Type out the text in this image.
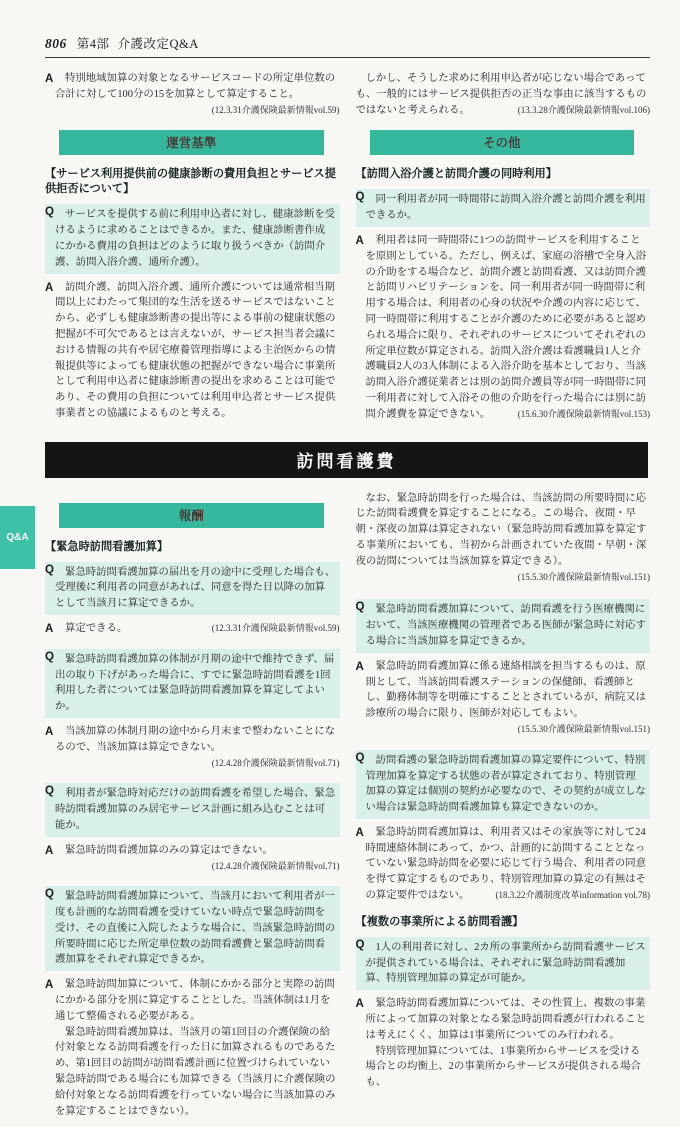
806 第4部 介護改定Q&A
A	特別地域加算の対象となるサービスコードの所定単位数の合計に対して100分の15を加算として算定すること。
(12.3.31介護保険最新情報vol.59)
運営基準
【サービス利用提供前の健康診断の費用負担とサービス提供拒否について】
Q	サービスを提供する前に利用申込者に対し、健康診断を受けるように求めることはできるか。また、健康診断書作成にかかる費用の負担はどのように取り扱うべきか（訪問介護、訪問入浴介護、通所介護）。
A	訪問介護、訪問入浴介護、通所介護については通常相当期間以上にわたって集団的な生活を送るサービスではないことから、必ずしも健康診断書の提出等による事前の健康状態の把握が不可欠であるとは言えないが、サービス担当者会議における情報の共有や居宅療養管理指導による主治医からの情報提供等によっても健康状態の把握ができない場合に事業所として利用申込者に健康診断書の提出を求めることは可能であり、その費用の負担については利用申込者とサービス提供事業者との協議によるものと考える。
しかし、そうした求めに利用申込者が応じない場合であっても、一般的にはサービス提供拒否の正当な事由に該当するものではないと考えられる。	(13.3.28介護保険最新情報vol.106)
その他
【訪問入浴介護と訪問介護の同時利用】
Q	同一利用者が同一時間帯に訪問入浴介護と訪問介護を利用できるか。
A	利用者は同一時間帯に1つの訪問サービスを利用することを原則としている。ただし、例えば、家庭の浴槽で全身入浴の介助をする場合など、訪問介護と訪問看護、又は訪問介護と訪問リハビリテーションを、同一利用者が同一時間帯に利用する場合は、利用者の心身の状況や介護の内容に応じて、同一時間帯に利用することが介護のために必要があると認められる場合に限り、それぞれのサービスについてそれぞれの所定単位数が算定される。訪問入浴介護は看護職員1人と介護職員2人の3人体制による入浴介助を基本としており、当該訪問入浴介護従業者とは別の訪問介護員等が同一時間帯に同一利用者に対して入浴その他の介助を行った場合には別に訪問介護費を算定できない。	(15.6.30介護保険最新情報vol.153)
訪問看護費
報酬
【緊急時訪問看護加算】
Q	緊急時訪問看護加算の届出を月の途中に受理した場合も、受理後に利用者の同意があれば、同意を得た日以降の加算として当該月に算定できるか。
A	算定できる。	(12.3.31介護保険最新情報vol.59)
Q	緊急時訪問看護加算の体制が月期の途中で維持できず、届出の取り下げがあった場合に、すでに緊急時訪問看護を1回利用した者については緊急時訪問看護加算を算定してよいか。
A	当該加算の体制月期の途中から月末まで整わないことになるので、当該加算は算定できない。
(12.4.28介護保険最新情報vol.71)
Q	利用者が緊急時対応だけの訪問看護を希望した場合、緊急時訪問看護加算のみ居宅サービス計画に組み込むことは可能か。
A	緊急時訪問看護加算のみの算定はできない。
(12.4.28介護保険最新情報vol.71)
Q	緊急時訪問看護加算について、当該月において利用者が一度も計画的な訪問看護を受けていない時点で緊急時訪問を受け、その直後に入院したような場合に、当該緊急時訪問の所要時間に応じた所定単位数の訪問看護費と緊急時訪問看護加算をそれぞれ算定できるか。
A	緊急時訪問加算について、体制にかかる部分と実際の訪問にかかる部分を別に算定することとした。当該体制は1月を通じて整備される必要がある。

緊急時訪問看護加算は、当該月の第1回目の介護保険の給付対象となる訪問看護を行った日に加算されるものであるため、第1回目の訪問が訪問看護計画に位置づけられていない緊急時訪問である場合にも加算できる（当該月に介護保険の給付対象となる訪問看護を行っていない場合に当該加算のみを算定することはできない）。

なお、緊急時訪問を行った場合は、当該訪問の所要時間に応じた訪問看護費を算定することになる。この場合、夜間・早朝・深夜の加算は算定されない（緊急時訪問看護加算を算定する事業所においても、当初から計画されていた夜間・早朝・深夜の訪問については当該加算を算定できる）。
(15.5.30介護保険最新情報vol.151)
Q	緊急時訪問看護加算について、訪問看護を行う医療機関において、当該医療機関の管理者である医師が緊急時に対応する場合に当該加算を算定できるか。
A	緊急時訪問看護加算に係る連絡相談を担当するものは、原則として、当該訪問看護ステーションの保健師、看護師とし、勤務体制等を明確にすることとされているが、病院又は診療所の場合に限り、医師が対応してもよい。
(15.5.30介護保険最新情報vol.151)
Q	訪問看護の緊急時訪問看護加算の算定要件について、特別管理加算を算定する状態の者が算定されており、特別管理加算の算定は個別の契約が必要なので、その契約が成立しない場合は緊急時訪問看護加算も算定できないのか。
A	緊急時訪問看護加算は、利用者又はその家族等に対して24時間連絡体制にあって、かつ、計画的に訪問することとなっていない緊急時訪問を必要に応じて行う場合、利用者の同意を得て算定するものであり、特別管理加算の算定の有無はその算定要件ではない。	(18.3.22介護制度改革information vol.78)
【複数の事業所による訪問看護】
Q	1人の利用者に対し、2カ所の事業所から訪問看護サービスが提供されている場合は、それぞれに緊急時訪問看護加算、特別管理加算の算定が可能か。
A	緊急時訪問看護加算については、その性質上、複数の事業所によって加算の対象となる緊急時訪問看護が行われることは考えにくく、加算は1事業所についてのみ行われる。

特別管理加算については、1事業所からサービスを受ける場合との均衡上、2の事業所からサービスが提供される場合も、

Q&A
